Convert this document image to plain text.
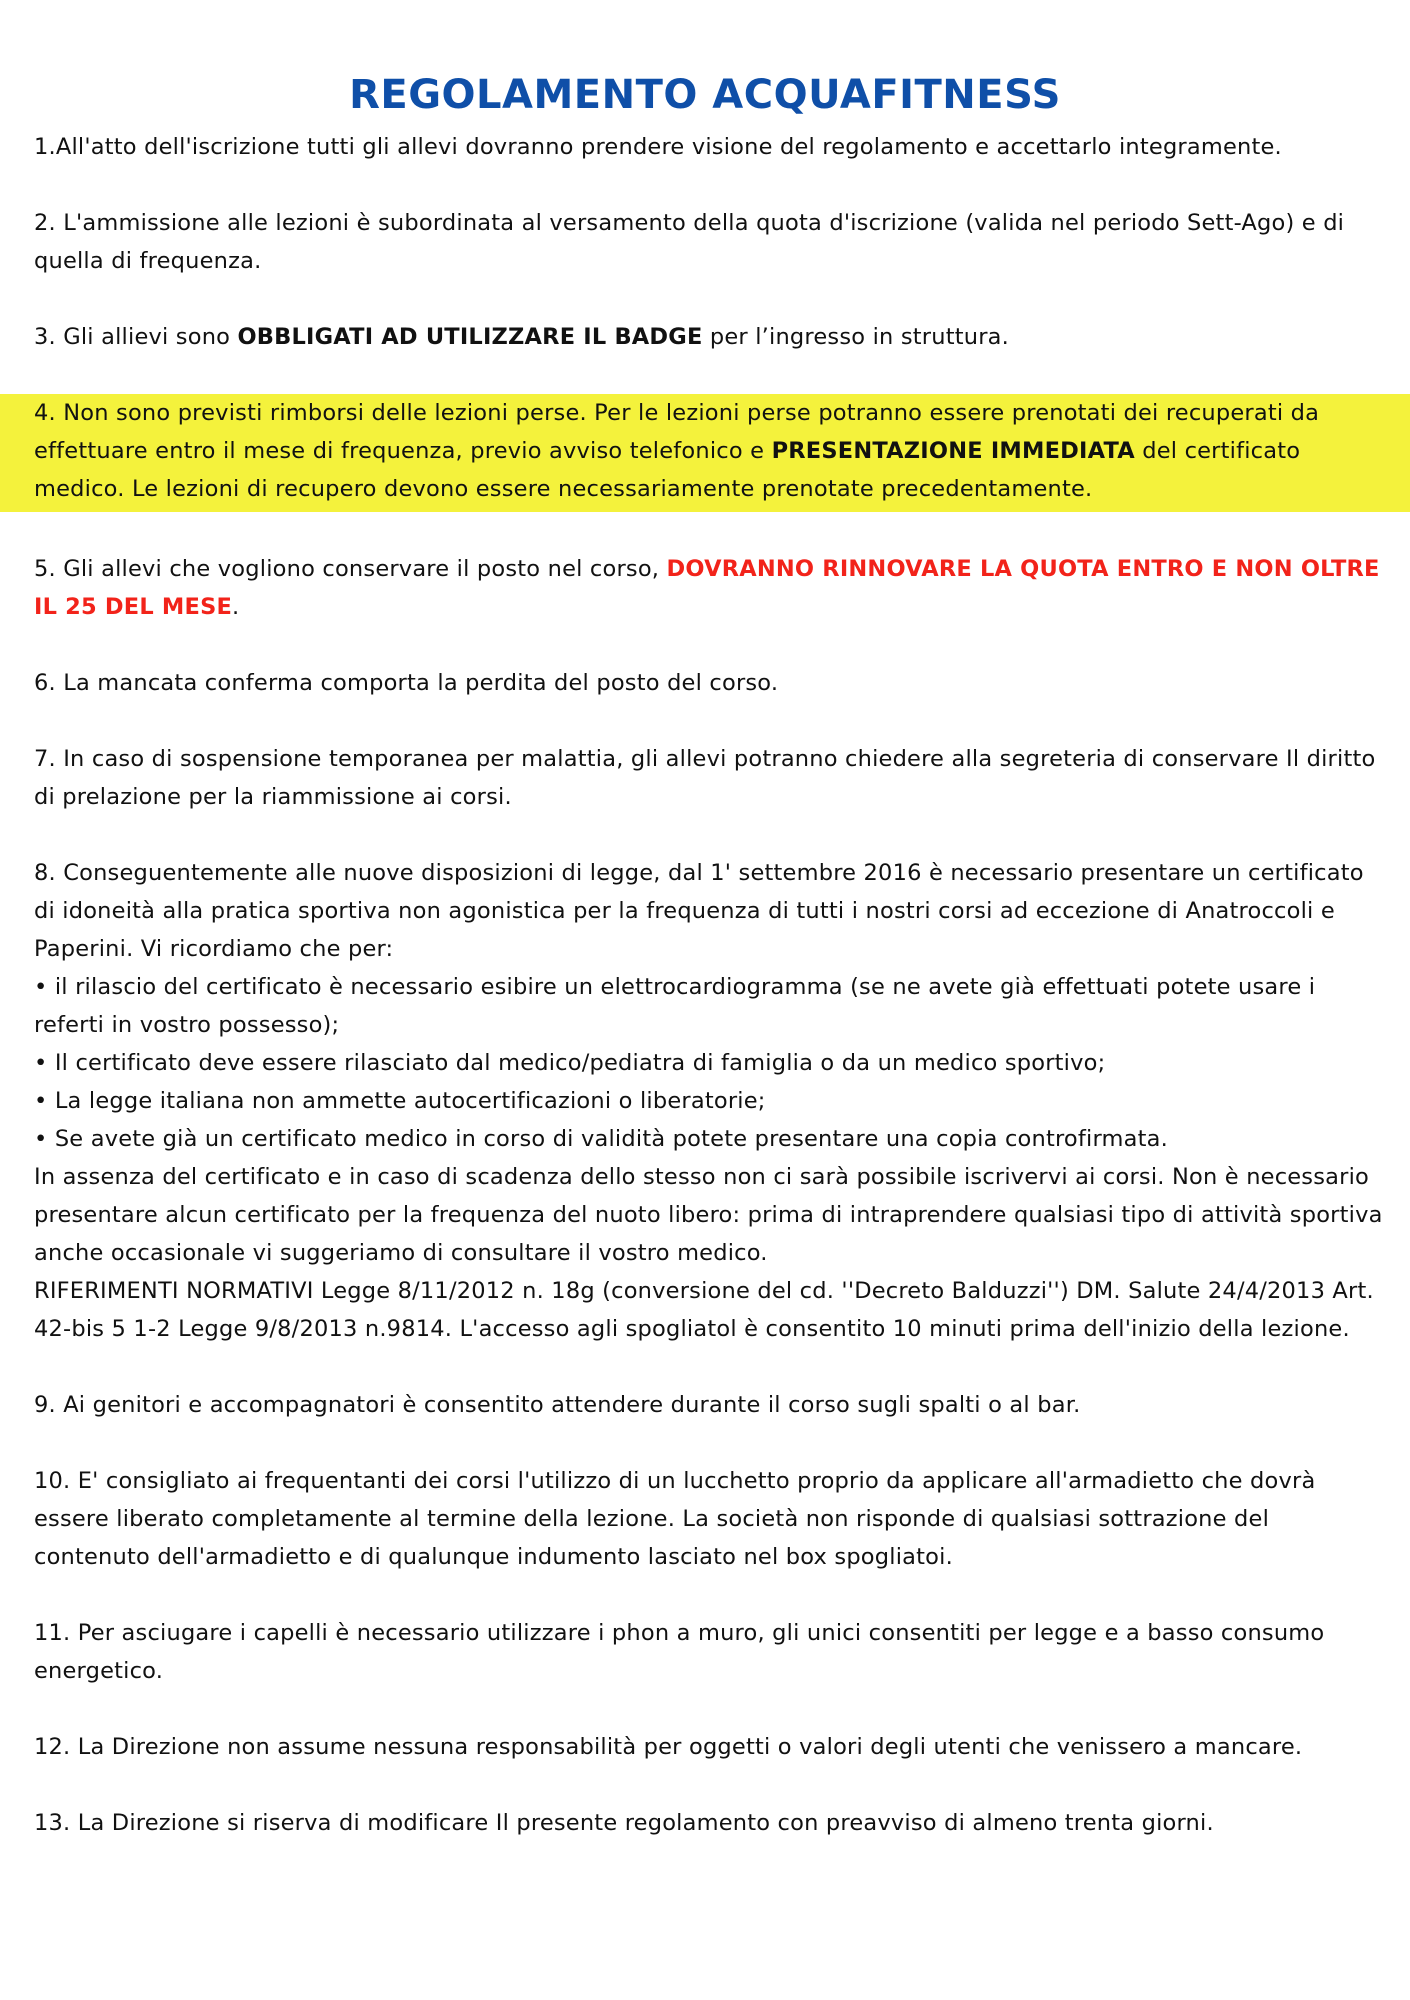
REGOLAMENTO ACQUAFITNESS

1.All'atto dell'iscrizione tutti gli allevi dovranno prendere visione del regolamento e accettarlo integramente.

2. L'ammissione alle lezioni è subordinata al versamento della quota d'iscrizione (valida nel periodo Sett-Ago) e di quella di frequenza.

3. Gli allievi sono OBBLIGATI AD UTILIZZARE IL BADGE per l’ingresso in struttura.

4. Non sono previsti rimborsi delle lezioni perse. Per le lezioni perse potranno essere prenotati dei recuperati da effettuare entro il mese di frequenza, previo avviso telefonico e PRESENTAZIONE IMMEDIATA del certificato medico. Le lezioni di recupero devono essere necessariamente prenotate precedentamente.

5. Gli allevi che vogliono conservare il posto nel corso, DOVRANNO RINNOVARE LA QUOTA ENTRO E NON OLTRE IL 25 DEL MESE.

6. La mancata conferma comporta la perdita del posto del corso.

7. In caso di sospensione temporanea per malattia, gli allevi potranno chiedere alla segreteria di conservare Il diritto di prelazione per la riammissione ai corsi.

8. Conseguentemente alle nuove disposizioni di legge, dal 1' settembre 2016 è necessario presentare un certificato di idoneità alla pratica sportiva non agonistica per la frequenza di tutti i nostri corsi ad eccezione di Anatroccoli e Paperini. Vi ricordiamo che per:
• il rilascio del certificato è necessario esibire un elettrocardiogramma (se ne avete già effettuati potete usare i referti in vostro possesso);
• Il certificato deve essere rilasciato dal medico/pediatra di famiglia o da un medico sportivo;
• La legge italiana non ammette autocertificazioni o liberatorie;
• Se avete già un certificato medico in corso di validità potete presentare una copia controfirmata.
In assenza del certificato e in caso di scadenza dello stesso non ci sarà possibile iscrivervi ai corsi. Non è necessario presentare alcun certificato per la frequenza del nuoto libero: prima di intraprendere qualsiasi tipo di attività sportiva anche occasionale vi suggeriamo di consultare il vostro medico.
RIFERIMENTI NORMATIVI Legge 8/11/2012 n. 18g (conversione del cd. ''Decreto Balduzzi'') DM. Salute 24/4/2013 Art. 42-bis 5 1-2 Legge 9/8/2013 n.9814. L'accesso agli spogliatol è consentito 10 minuti prima dell'inizio della lezione.

9. Ai genitori e accompagnatori è consentito attendere durante il corso sugli spalti o al bar.

10. E' consigliato ai frequentanti dei corsi l'utilizzo di un lucchetto proprio da applicare all'armadietto che dovrà essere liberato completamente al termine della lezione. La società non risponde di qualsiasi sottrazione del contenuto dell'armadietto e di qualunque indumento lasciato nel box spogliatoi.

11. Per asciugare i capelli è necessario utilizzare i phon a muro, gli unici consentiti per legge e a basso consumo energetico.

12. La Direzione non assume nessuna responsabilità per oggetti o valori degli utenti che venissero a mancare.

13. La Direzione si riserva di modificare Il presente regolamento con preavviso di almeno trenta giorni.
